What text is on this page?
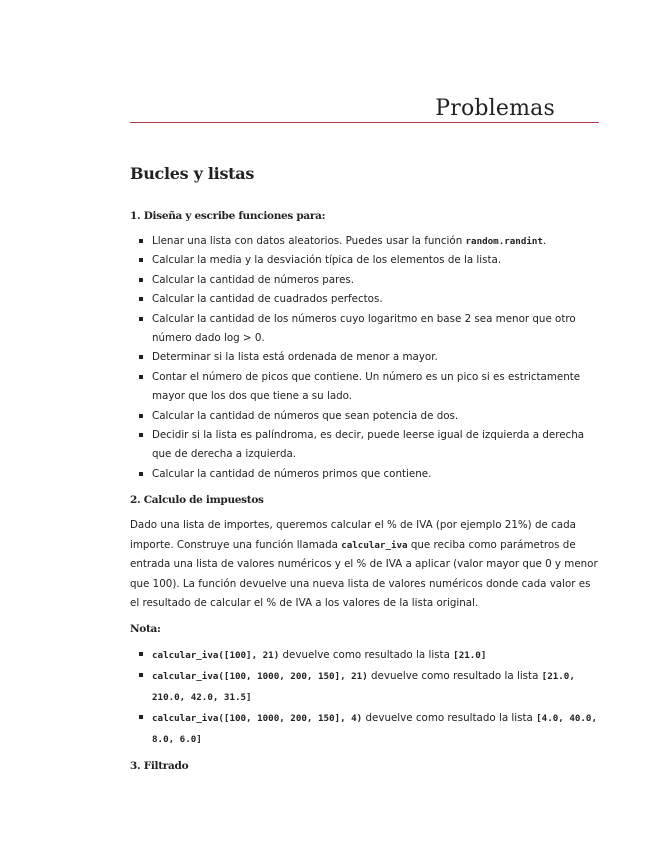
Problemas
Bucles y listas
1. Diseña y escribe funciones para:
Llenar una lista con datos aleatorios. Puedes usar la función random.randint.
Calcular la media y la desviación típica de los elementos de la lista.
Calcular la cantidad de números pares.
Calcular la cantidad de cuadrados perfectos.
Calcular la cantidad de los números cuyo logaritmo en base 2 sea menor que otro número dado log > 0.
Determinar si la lista está ordenada de menor a mayor.
Contar el número de picos que contiene. Un número es un pico si es estrictamente mayor que los dos que tiene a su lado.
Calcular la cantidad de números que sean potencia de dos.
Decidir si la lista es palíndroma, es decir, puede leerse igual de izquierda a derecha que de derecha a izquierda.
Calcular la cantidad de números primos que contiene.
2. Calculo de impuestos

Dado una lista de importes, queremos calcular el % de IVA (por ejemplo 21%) de cada importe. Construye una función llamada calcular_iva que reciba como parámetros de entrada una lista de valores numéricos y el % de IVA a aplicar (valor mayor que 0 y menor que 100). La función devuelve una nueva lista de valores numéricos donde cada valor es el resultado de calcular el % de IVA a los valores de la lista original.

Nota:
calcular_iva([100], 21) devuelve como resultado la lista [21.0]
calcular_iva([100, 1000, 200, 150], 21) devuelve como resultado la lista [21.0, 210.0, 42.0, 31.5]
calcular_iva([100, 1000, 200, 150], 4) devuelve como resultado la lista [4.0, 40.0, 8.0, 6.0]
3. Filtrado
